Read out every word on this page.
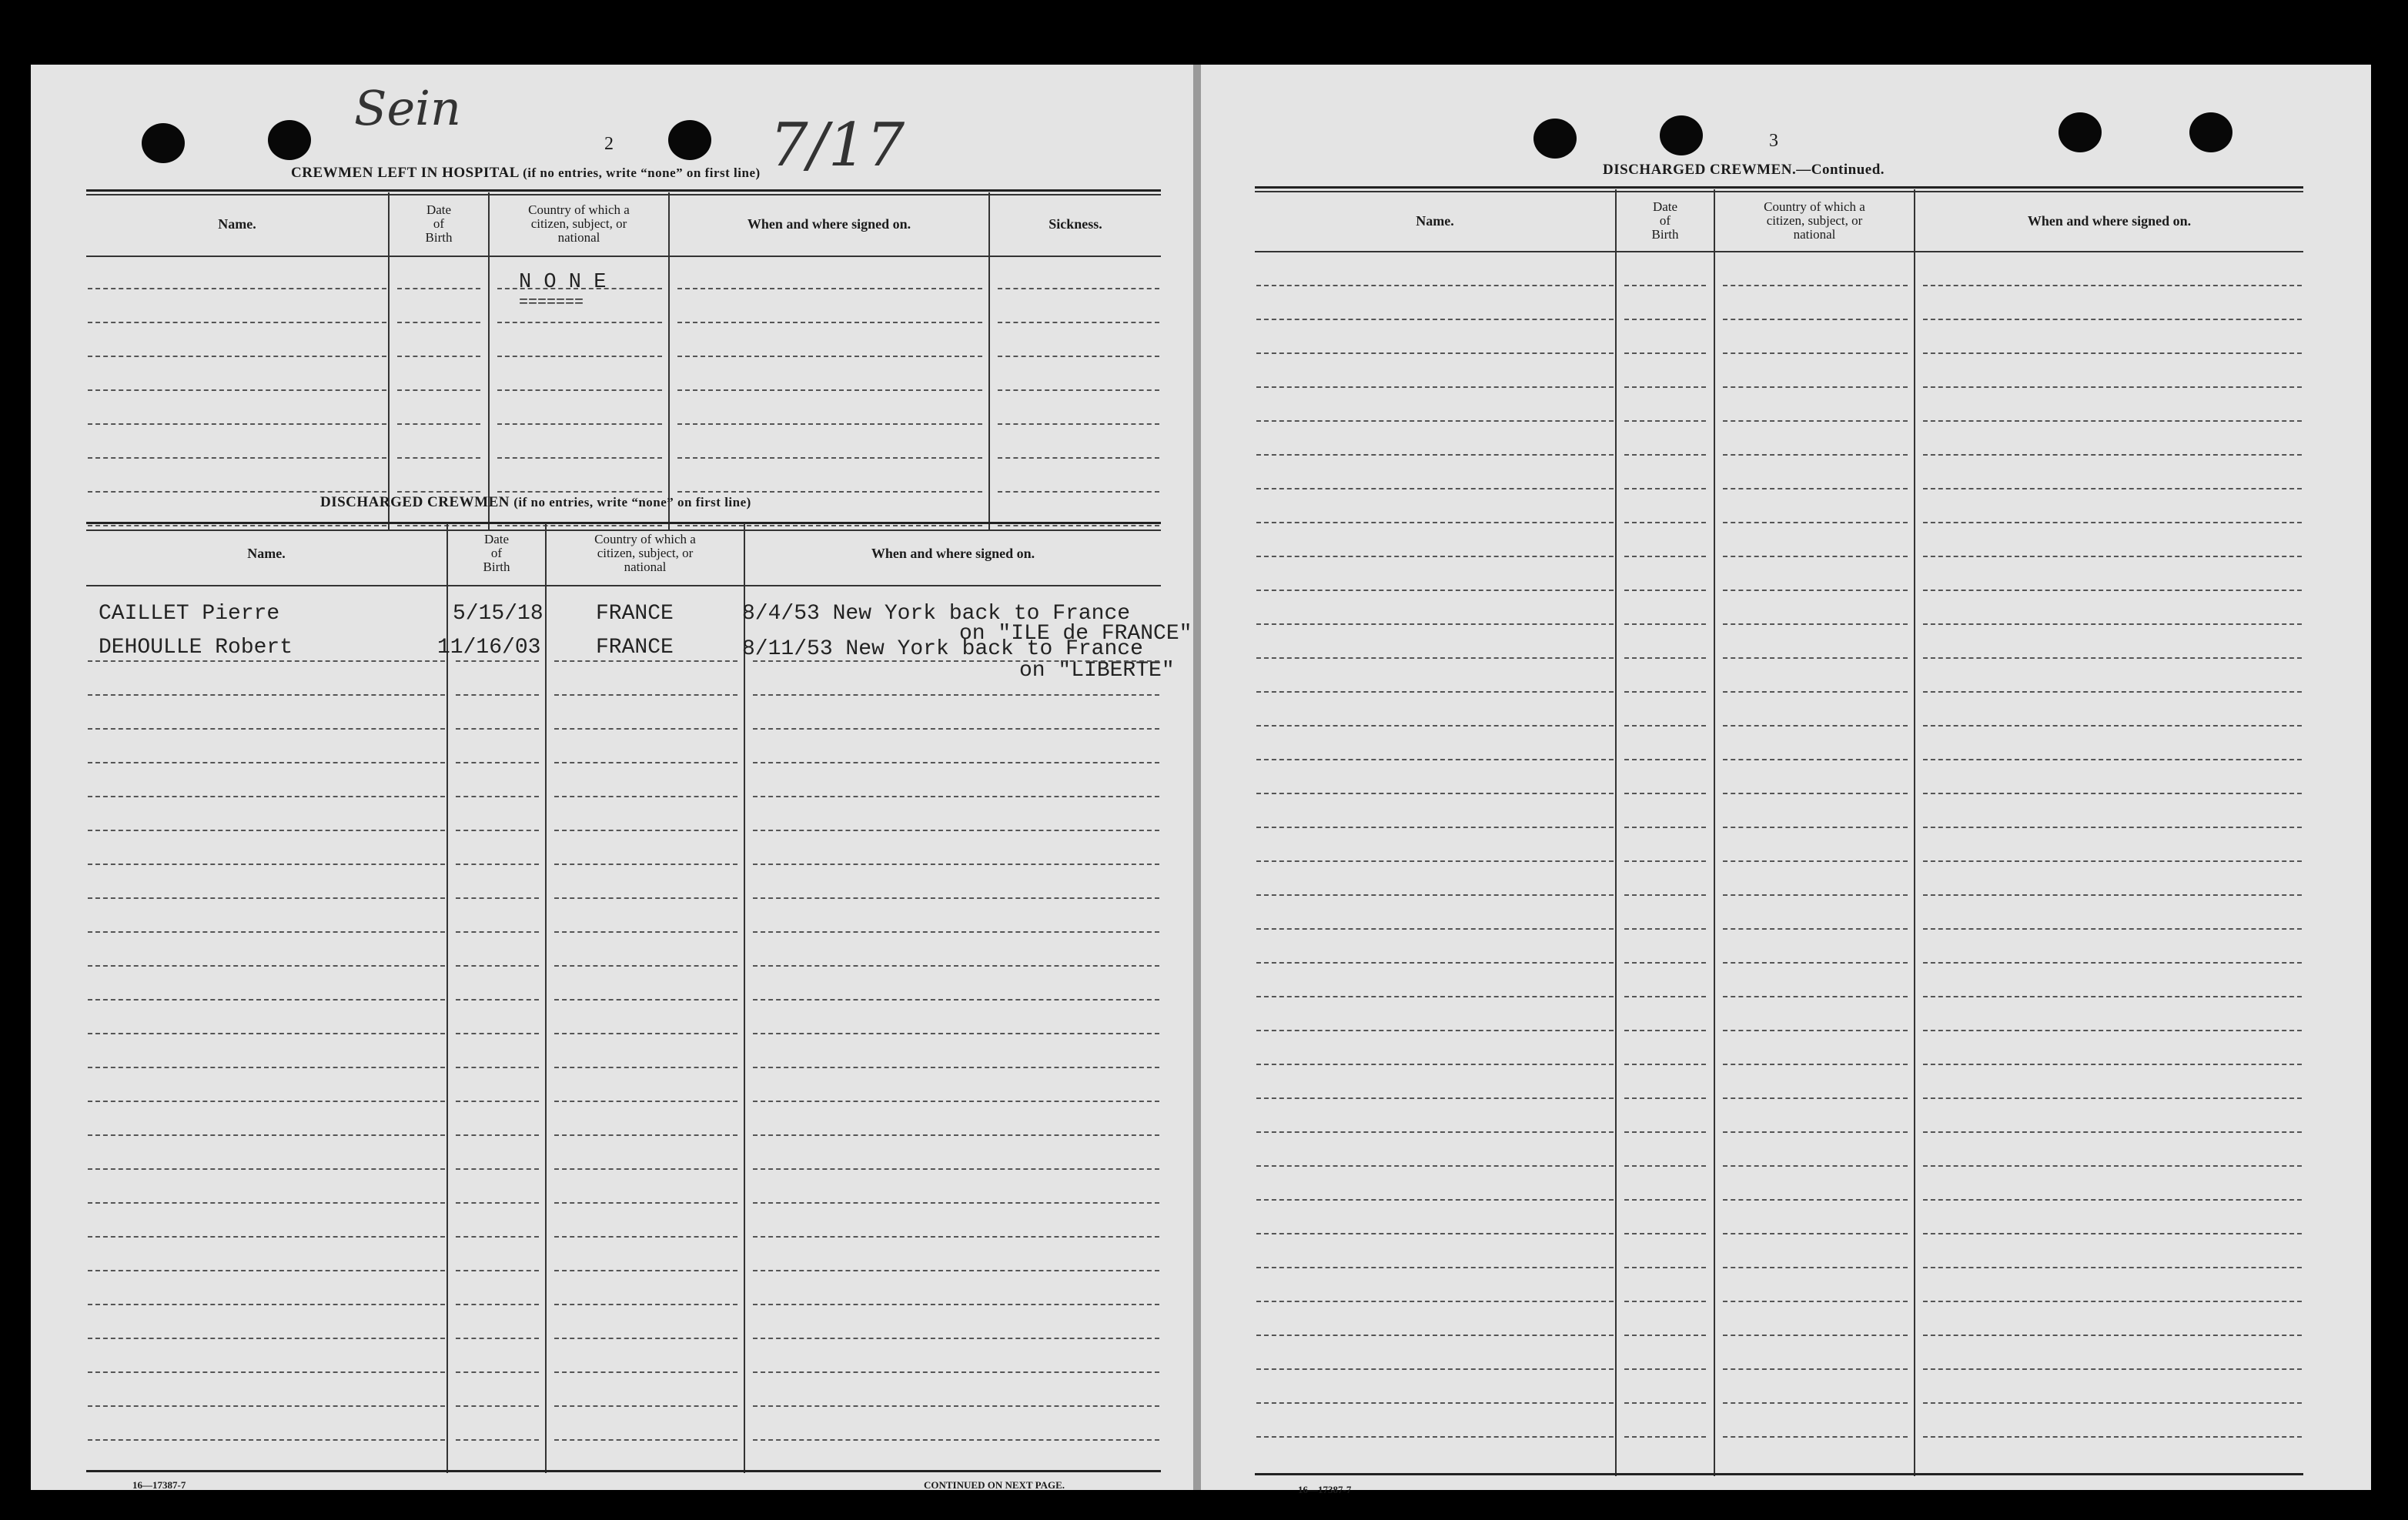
Sein
7/17
2
CREWMEN LEFT IN HOSPITAL (if no entries, write “none” on first line)
Name.
Date
of
Birth
Country of which a
citizen, subject, or
national
When and where signed on.	Sickness.
N O N E
=======
DISCHARGED CREWMEN (if no entries, write “none” on first line)
Name.
Date
of
Birth
Country of which a
citizen, subject, or
national
When and where signed on.
CAILLET Pierre	5/15/18 FRANCE	8/4/53 New York back to France
on "ILE de FRANCE"
DEHOULLE Robert	11/16/03	FRANCE	8/11/53 New York back to France
on "LIBERTE"
16—17387-7	CONTINUED ON NEXT PAGE.
3
DISCHARGED CREWMEN.—Continued.
Name.
Date
of
Birth
Country of which a
citizen, subject, or
national
When and where signed on.
16—17387-7
